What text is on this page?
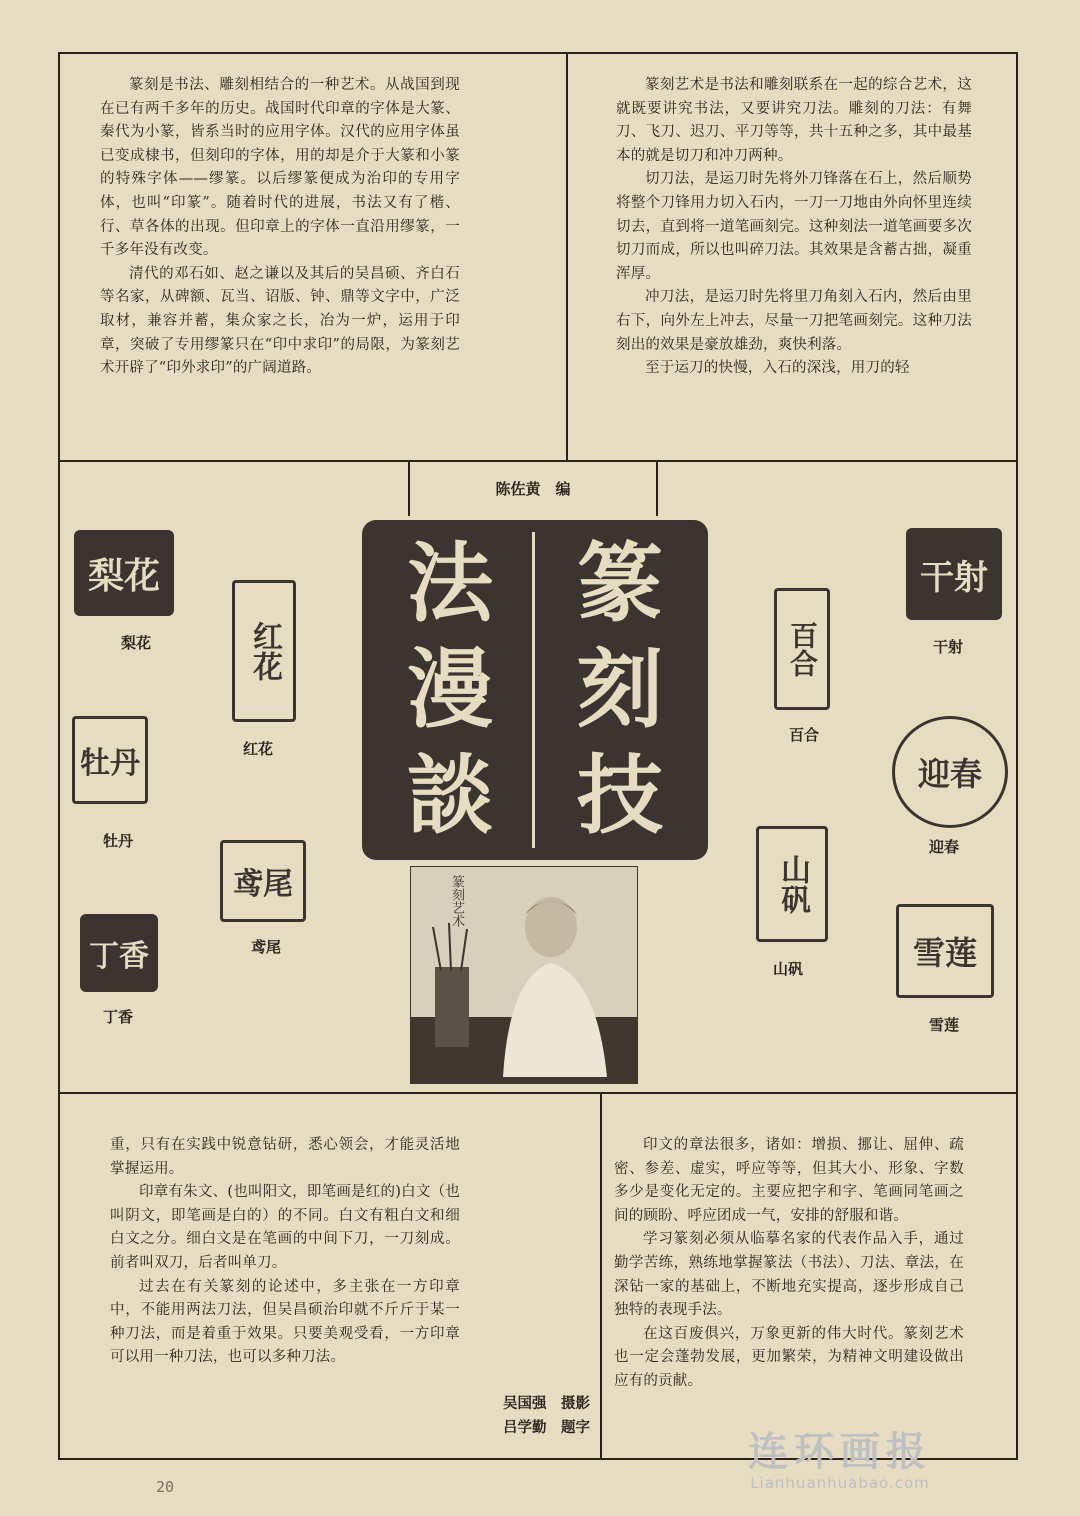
篆刻是书法、雕刻相结合的一种艺术。从战国到现在已有两千多年的历史。战国时代印章的字体是大篆、秦代为小篆，皆系当时的应用字体。汉代的应用字体虽已变成棣书，但刻印的字体，用的却是介于大篆和小篆的特殊字体——缪篆。以后缪篆便成为治印的专用字体，也叫“印篆”。随着时代的进展，书法又有了楷、行、草各体的出现。但印章上的字体一直沿用缪篆，一千多年没有改变。

清代的邓石如、赵之谦以及其后的吴昌硕、齐白石等名家，从碑额、瓦当、诏版、钟、鼎等文字中，广泛取材，兼容并蓄，集众家之长，冶为一炉，运用于印章，突破了专用缪篆只在“印中求印”的局限，为篆刻艺术开辟了“印外求印”的广阔道路。

篆刻艺术是书法和雕刻联系在一起的综合艺术，这就既要讲究书法，又要讲究刀法。雕刻的刀法：有舞刀、飞刀、迟刀、平刀等等，共十五种之多，其中最基本的就是切刀和冲刀两种。

切刀法，是运刀时先将外刀锋落在石上，然后顺势将整个刀锋用力切入石内，一刀一刀地由外向怀里连续切去，直到将一道笔画刻完。这种刻法一道笔画要多次切刀而成，所以也叫碎刀法。其效果是含蓄古拙，凝重浑厚。

冲刀法，是运刀时先将里刀角刻入石内，然后由里右下，向外左上冲去，尽量一刀把笔画刻完。这种刀法刻出的效果是豪放雄劲，爽快利落。

至于运刀的快慢，入石的深浅，用刀的轻

陈佐黄　编
篆
刻
技
法
漫
談
梨花
梨花	红花
红花
牡丹
牡丹
鸢尾
鸢尾
丁香
丁香
百合
百合
山矾
山矾
干射
干射
迎春
迎春
雪莲
雪莲
篆刻艺术

重，只有在实践中锐意钻研，悉心领会，才能灵活地掌握运用。

印章有朱文、(也叫阳文，即笔画是红的)白文（也叫阴文，即笔画是白的）的不同。白文有粗白文和细白文之分。细白文是在笔画的中间下刀，一刀刻成。前者叫双刀，后者叫单刀。

过去在有关篆刻的论述中，多主张在一方印章中，不能用两法刀法，但吴昌硕治印就不斤斤于某一种刀法，而是着重于效果。只要美观受看，一方印章可以用一种刀法，也可以多种刀法。

印文的章法很多，诸如：增损、挪让、屈伸、疏密、参差、虚实，呼应等等，但其大小、形象、字数多少是变化无定的。主要应把字和字、笔画同笔画之间的顾盼、呼应团成一气，安排的舒服和谐。

学习篆刻必须从临摹名家的代表作品入手，通过勤学苦练，熟练地掌握篆法（书法）、刀法、章法，在深钻一家的基础上，不断地充实提高，逐步形成自己独特的表现手法。

在这百废俱兴，万象更新的伟大时代。篆刻艺术也一定会蓬勃发展，更加繁荣，为精神文明建设做出应有的贡献。

吴国强　摄影
吕学勤　题字
20
连环画报
Lianhuanhuabao.com
